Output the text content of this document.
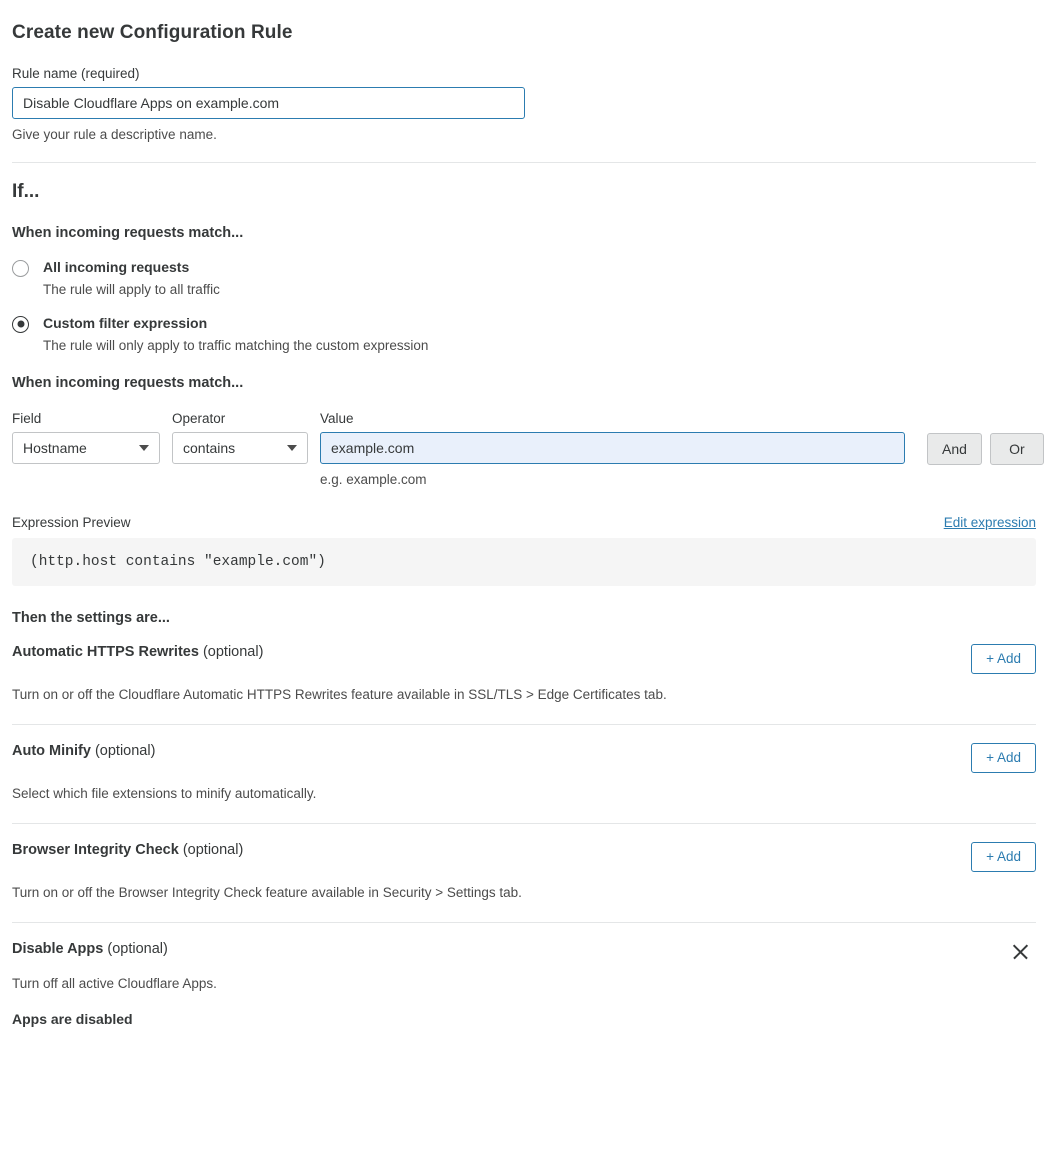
Create new Configuration Rule
Rule name (required)
Disable Cloudflare Apps on example.com
Give your rule a descriptive name.
If...
When incoming requests match...
All incoming requests
The rule will apply to all traffic
Custom filter expression
The rule will only apply to traffic matching the custom expression
When incoming requests match...
Field
Hostname
Operator
contains
Value
example.com
e.g. example.com
And	Or
Expression Preview	Edit expression
(http.host contains "example.com")
Then the settings are...
Automatic HTTPS Rewrites (optional)	+ Add
Turn on or off the Cloudflare Automatic HTTPS Rewrites feature available in SSL/TLS > Edge Certificates tab.
Auto Minify (optional)	+ Add
Select which file extensions to minify automatically.
Browser Integrity Check (optional)	+ Add
Turn on or off the Browser Integrity Check feature available in Security > Settings tab.
Disable Apps (optional)
Turn off all active Cloudflare Apps.
Apps are disabled
